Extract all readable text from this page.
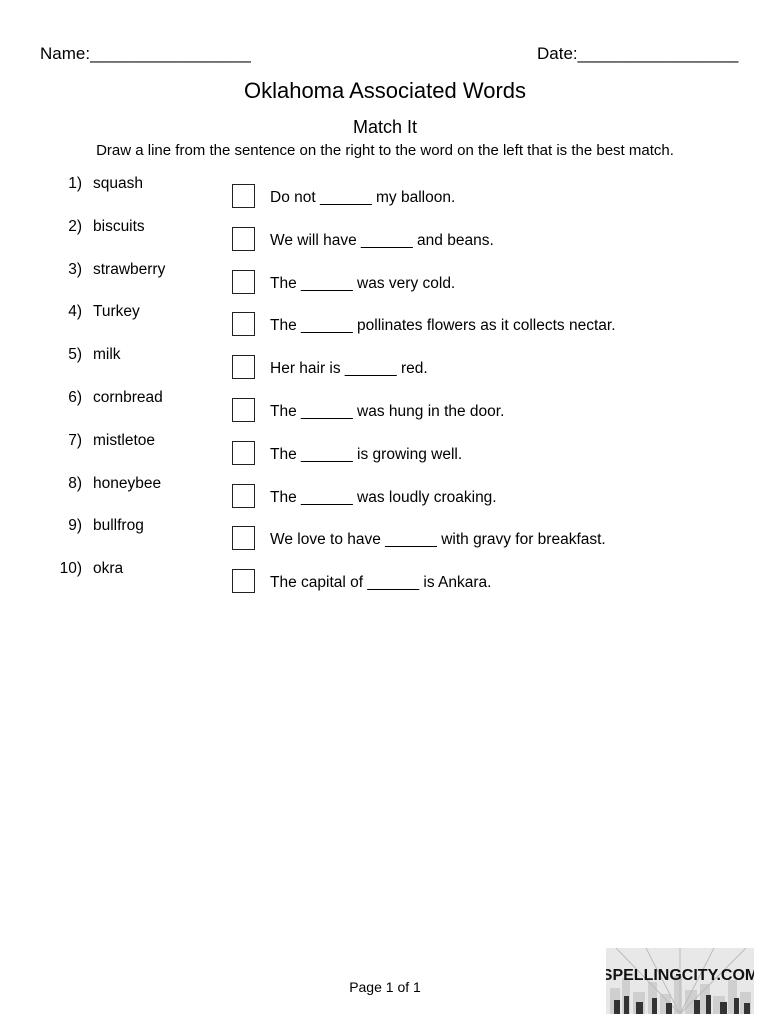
Name:_________________	Date:_________________
Oklahoma Associated Words
Match It
Draw a line from the sentence on the right to the word on the left that is the best match.
1) squash
2) biscuits
3) strawberry
4) Turkey
5) milk
6) cornbread
7) mistletoe
8) honeybee
9) bullfrog
10) okra
Do not ______ my balloon.
We will have ______ and beans.
The ______ was very cold.
The ______ pollinates flowers as it collects nectar.
Her hair is ______ red.
The ______ was hung in the door.
The ______ is growing well.
The ______ was loudly croaking.
We love to have ______ with gravy for breakfast.
The capital of ______ is Ankara.
Page 1 of 1
SPELLINGCITY.COM
